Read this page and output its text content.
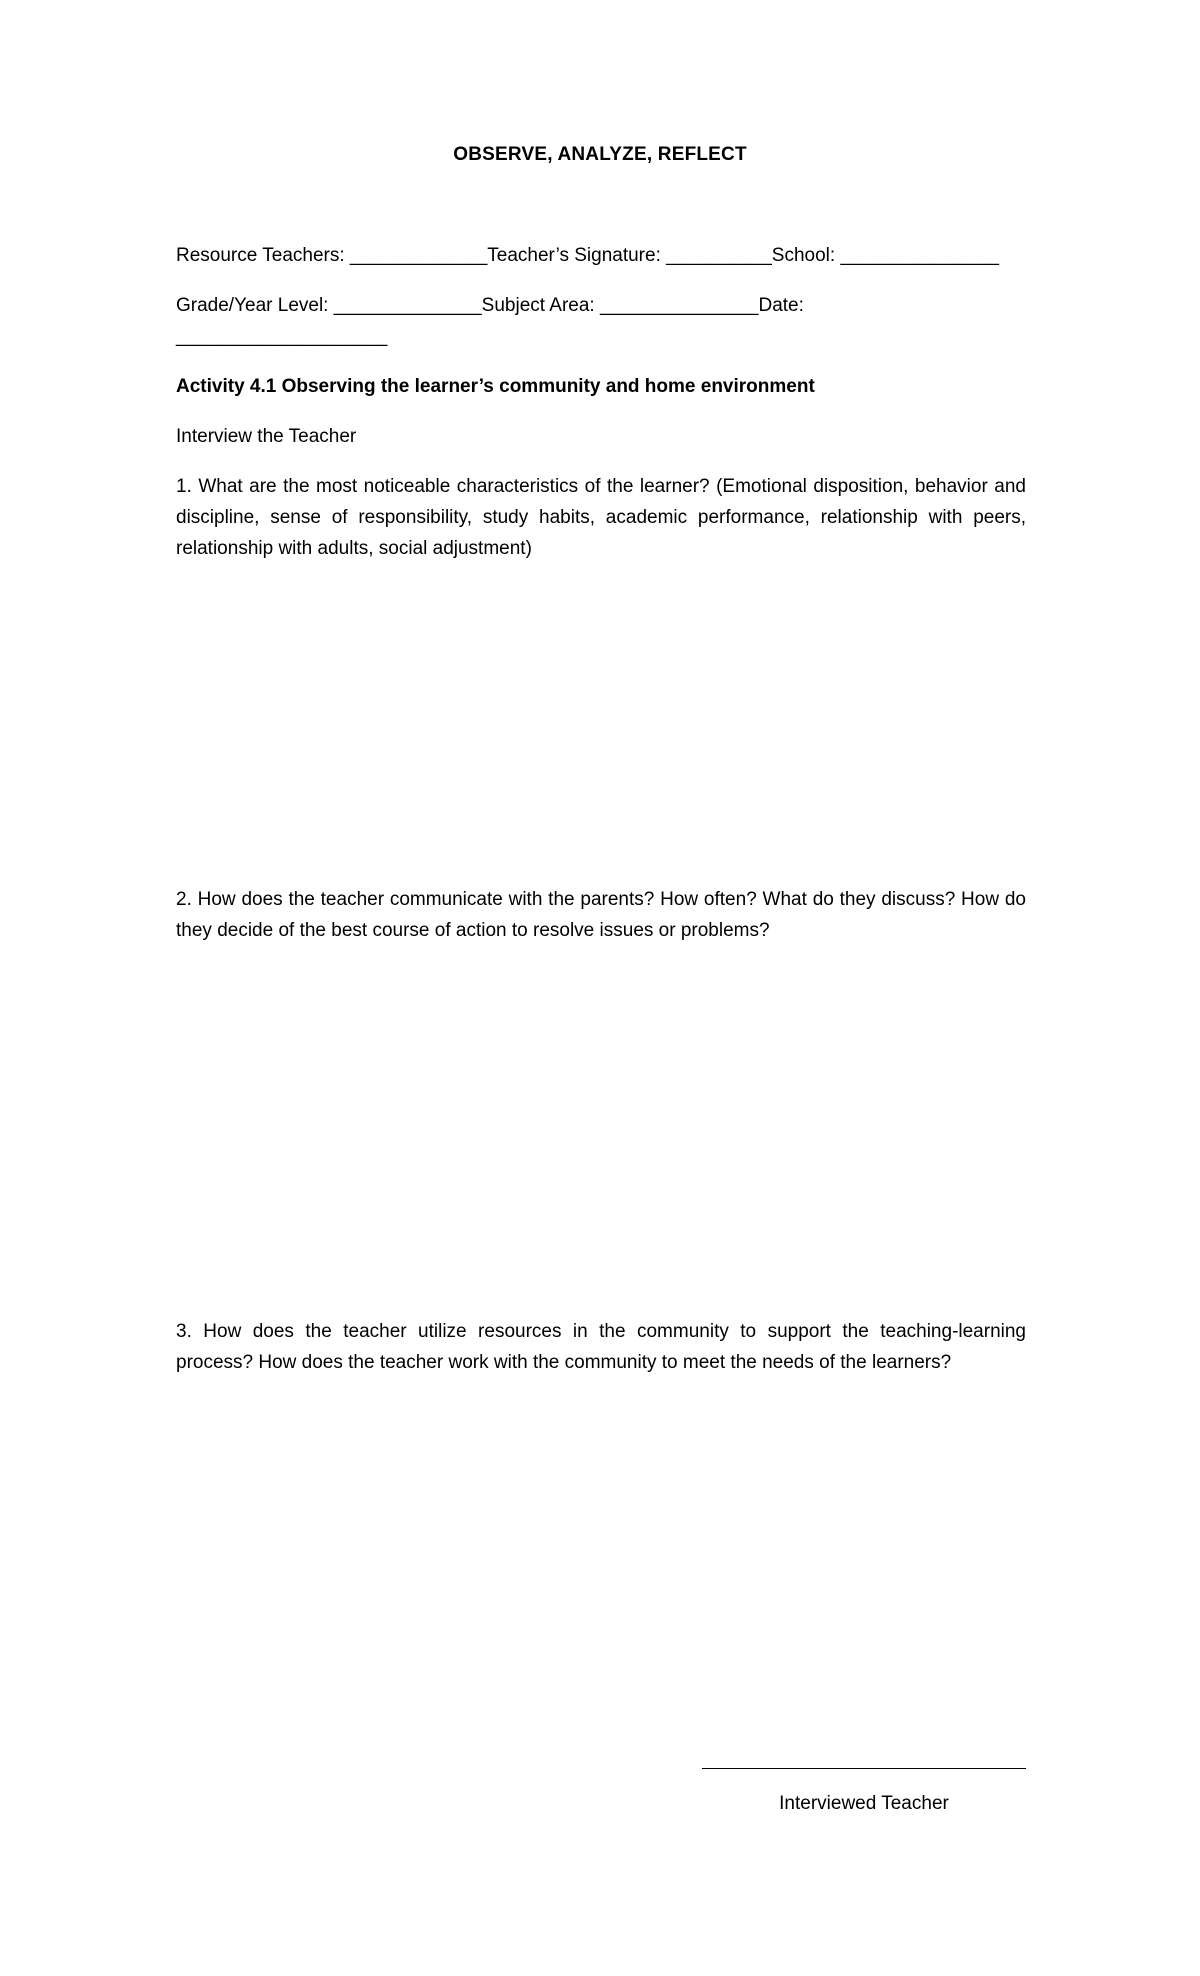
OBSERVE, ANALYZE, REFLECT
Resource Teachers: _____________Teacher’s Signature: __________School: _______________
Grade/Year Level: ______________Subject Area: _______________Date:
____________________
Activity 4.1 Observing the learner’s community and home environment
Interview the Teacher
1. What are the most noticeable characteristics of the learner? (Emotional disposition, behavior and discipline, sense of responsibility, study habits, academic performance, relationship with peers, relationship with adults, social adjustment)
2. How does the teacher communicate with the parents? How often? What do they discuss? How do they decide of the best course of action to resolve issues or problems?
3. How does the teacher utilize resources in the community to support the teaching-learning process? How does the teacher work with the community to meet the needs of the learners?
Interviewed Teacher
